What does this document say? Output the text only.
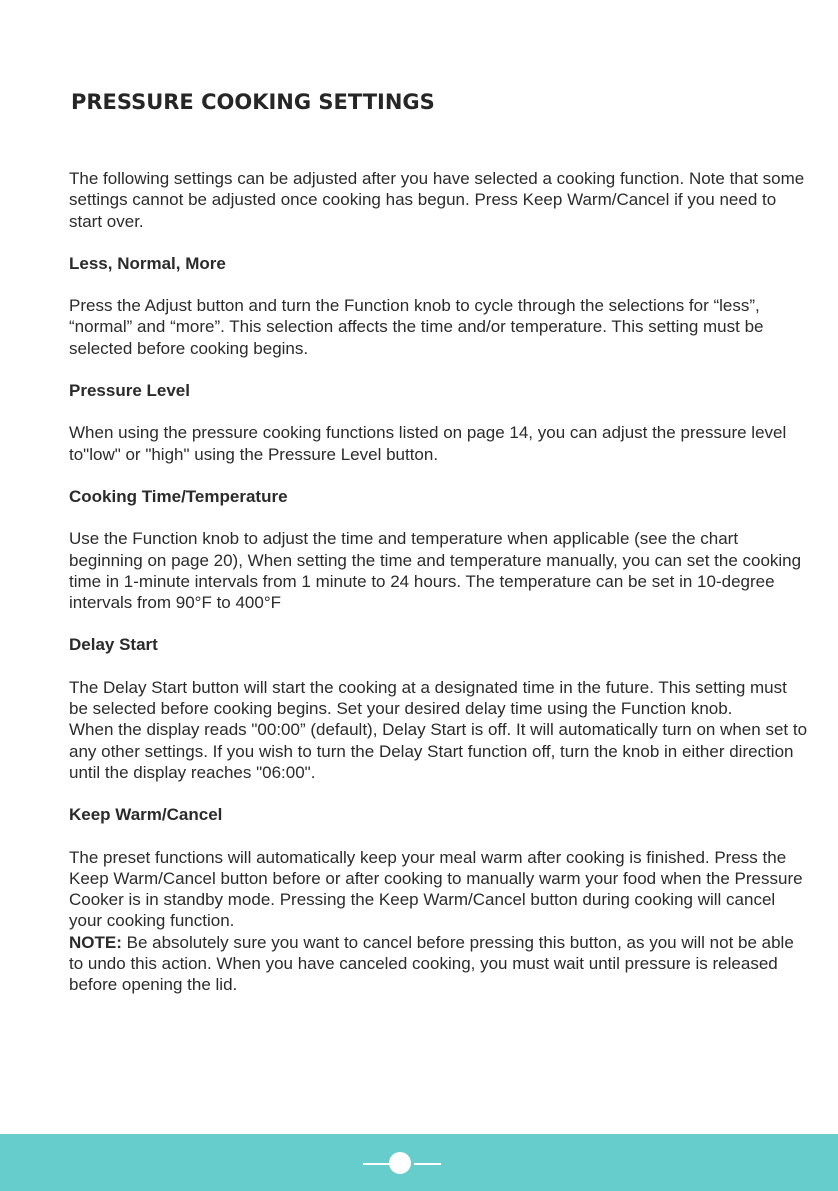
PRESSURE COOKING SETTINGS

The following settings can be adjusted after you have selected a cooking function. Note that some settings cannot be adjusted once cooking has begun. Press Keep Warm/Cancel if you need to start over.

Less, Normal, More

Press the Adjust button and turn the Function knob to cycle through the selections for “less”, “normal” and “more”. This selection affects the time and/or temperature. This setting must be selected before cooking begins.

Pressure Level

When using the pressure cooking functions listed on page 14, you can adjust the pressure level to"low" or "high" using the Pressure Level button.

Cooking Time/Temperature

Use the Function knob to adjust the time and temperature when applicable (see the chart beginning on page 20), When setting the time and temperature manually, you can set the cooking time in 1-minute intervals from 1 minute to 24 hours. The temperature can be set in 10-degree intervals from 90°F to 400°F

Delay Start

The Delay Start button will start the cooking at a designated time in the future. This setting must be selected before cooking begins. Set your desired delay time using the Function knob.

When the display reads "00:00” (default), Delay Start is off. It will automatically turn on when set to any other settings. If you wish to turn the Delay Start function off, turn the knob in either direction until the display reaches "06:00".

Keep Warm/Cancel

The preset functions will automatically keep your meal warm after cooking is finished. Press the Keep Warm/Cancel button before or after cooking to manually warm your food when the Pressure Cooker is in standby mode. Pressing the Keep Warm/Cancel button during cooking will cancel your cooking function.

NOTE: Be absolutely sure you want to cancel before pressing this button, as you will not be able to undo this action. When you have canceled cooking, you must wait until pressure is released before opening the lid.
